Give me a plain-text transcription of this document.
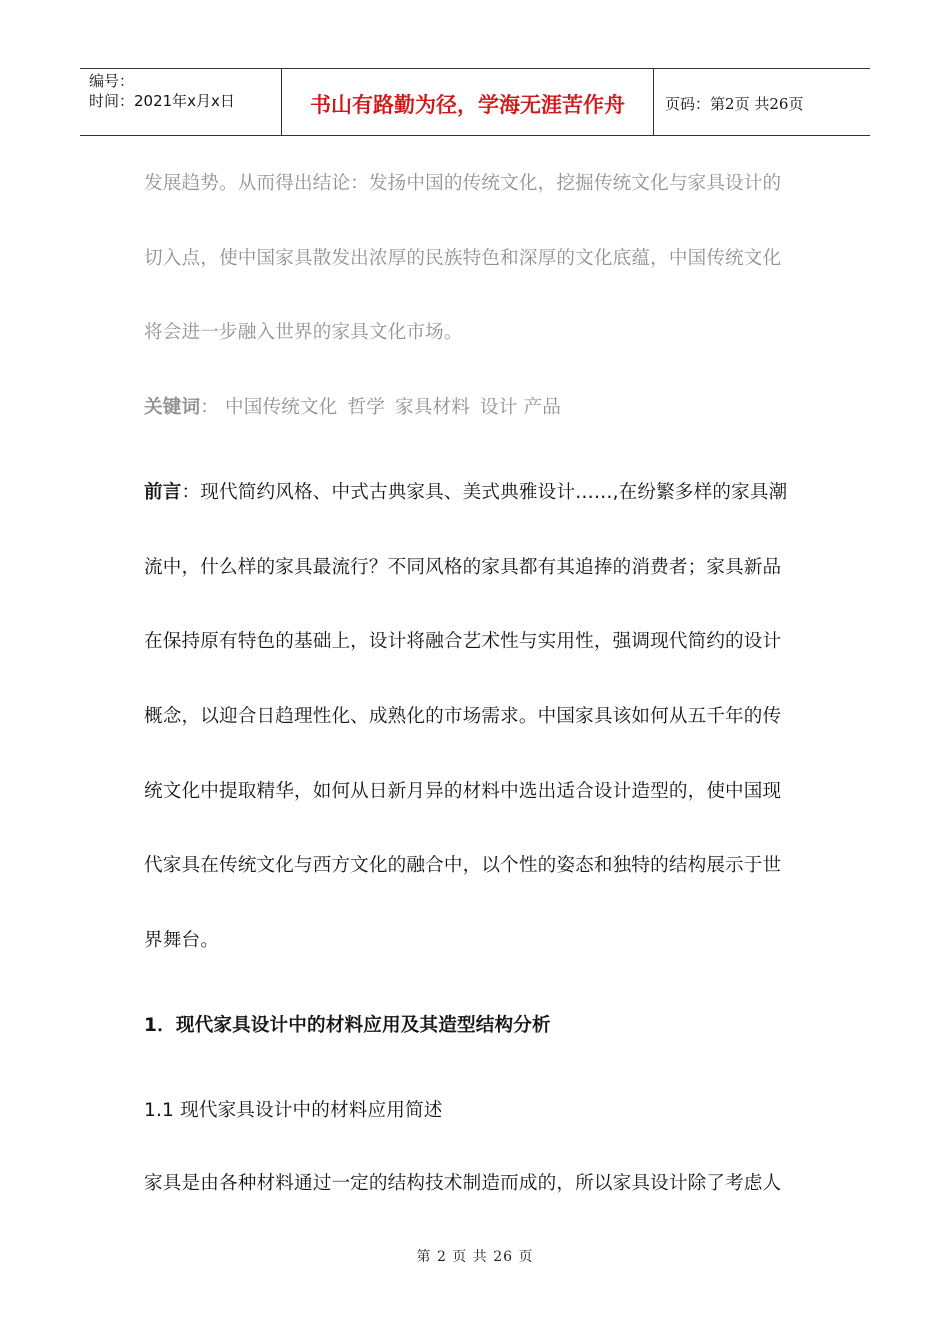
编号：
时间：2021年x月x日	书山有路勤为径，学海无涯苦作舟	页码：第 2 页 共 26 页
发展趋势。从而得出结论：发扬中国的传统文化，挖掘传统文化与家具设计的
切入点，使中国家具散发出浓厚的民族特色和深厚的文化底蕴，中国传统文化
将会进一步融入世界的家具文化市场。
关键词： 中国传统文化 哲学 家具材料 设计 产品
前言：现代简约风格、中式古典家具、美式典雅设计……,在纷繁多样的家具潮
流中，什么样的家具最流行？不同风格的家具都有其追捧的消费者；家具新品
在保持原有特色的基础上，设计将融合艺术性与实用性，强调现代简约的设计
概念，以迎合日趋理性化、成熟化的市场需求。中国家具该如何从五千年的传
统文化中提取精华，如何从日新月异的材料中选出适合设计造型的，使中国现
代家具在传统文化与西方文化的融合中，以个性的姿态和独特的结构展示于世
界舞台。
1．现代家具设计中的材料应用及其造型结构分析
1.1 现代家具设计中的材料应用简述
家具是由各种材料通过一定的结构技术制造而成的，所以家具设计除了考虑人
第 2 页 共 26 页
